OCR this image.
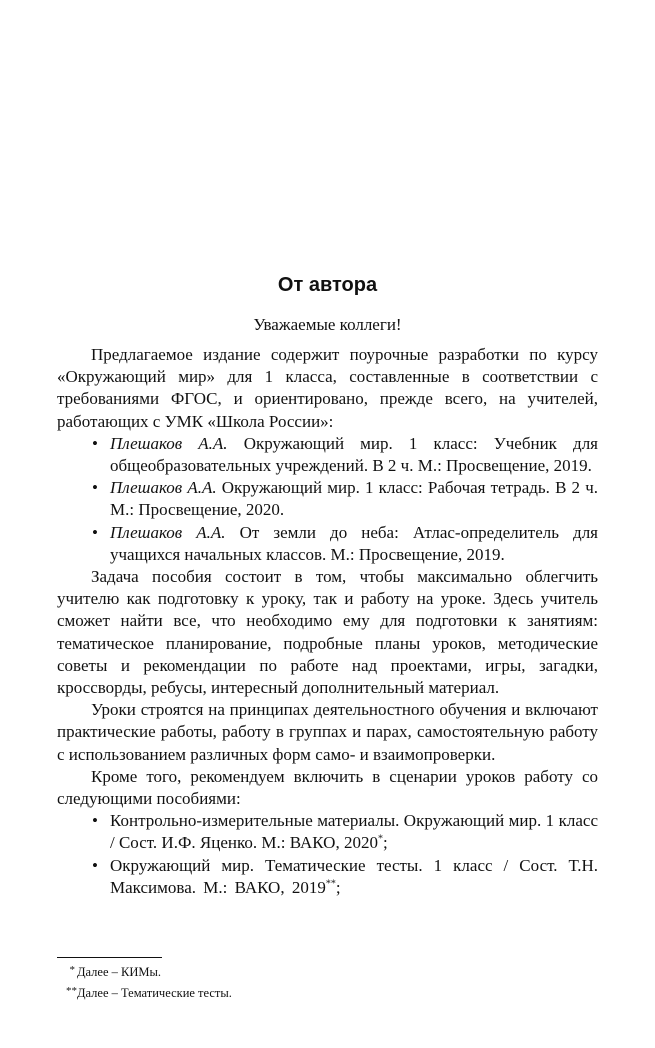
От автора
Уважаемые коллеги!

Предлагаемое издание содержит поурочные разработки по курсу «Окружающий мир» для 1 класса, составленные в соответствии с требованиями ФГОС, и ориентировано, прежде всего, на учителей, работающих с УМК «Школа России»:

• Плешаков А.А. Окружающий мир. 1 класс: Учебник для общеобразовательных учреждений. В 2 ч. М.: Просвещение, 2019.
• Плешаков А.А. Окружающий мир. 1 класс: Рабочая тетрадь. В 2 ч. М.: Просвещение, 2020.
• Плешаков А.А. От земли до неба: Атлас-определитель для учащихся начальных классов. М.: Просвещение, 2019.

Задача пособия состоит в том, чтобы максимально облегчить учителю как подготовку к уроку, так и работу на уроке. Здесь учитель сможет найти все, что необходимо ему для подготовки к занятиям: тематическое планирование, подробные планы уроков, методические советы и рекомендации по работе над проектами, игры, загадки, кроссворды, ребусы, интересный дополнительный материал.

Уроки строятся на принципах деятельностного обучения и включают практические работы, работу в группах и парах, самостоятельную работу с использованием различных форм само- и взаимопроверки.

Кроме того, рекомендуем включить в сценарии уроков работу со следующими пособиями:

• Контрольно-измерительные материалы. Окружающий мир. 1 класс / Сост. И.Ф. Яценко. М.: ВАКО, 2020*;
• Окружающий мир. Тематические тесты. 1 класс / Сост. Т.Н. Максимова. М.: ВАКО, 2019**;
* Далее – КИМы.
** Далее – Тематические тесты.
